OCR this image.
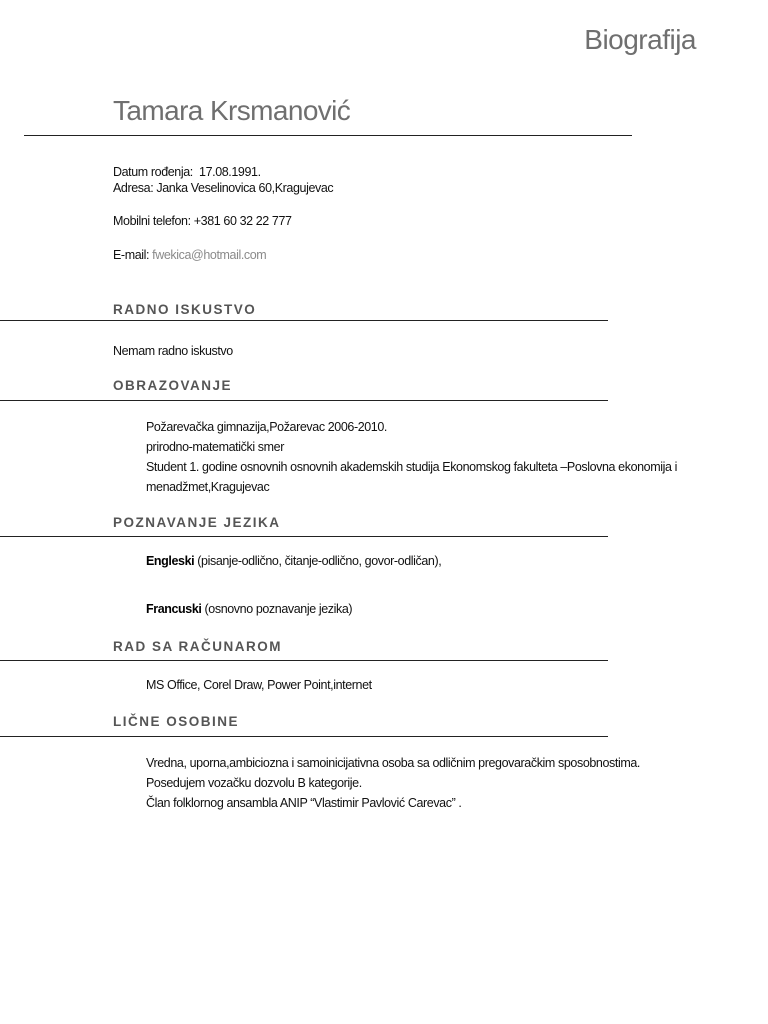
Biografija
Tamara Krsmanović
Datum rođenja: 17.08.1991.
Adresa: Janka Veselinovica 60,Kragujevac
Mobilni telefon: +381 60 32 22 777
E-mail: fwekica@hotmail.com
RADNO ISKUSTVO
Nemam radno iskustvo
OBRAZOVANJE
Požarevačka gimnazija,Požarevac 2006-2010.
prirodno-matematički smer
Student 1. godine osnovnih osnovnih akademskih studija Ekonomskog fakulteta –Poslovna ekonomija i
menadžmet,Kragujevac
POZNAVANJE JEZIKA
Engleski (pisanje-odlično, čitanje-odlično, govor-odličan),
Francuski (osnovno poznavanje jezika)
RAD SA RAČUNAROM
MS Office, Corel Draw, Power Point,internet
LIČNE OSOBINE
Vredna, uporna,ambiciozna i samoinicijativna osoba sa odličnim pregovaračkim sposobnostima.
Posedujem vozačku dozvolu B kategorije.
Član folklornog ansambla ANIP “Vlastimir Pavlović Carevac” .
